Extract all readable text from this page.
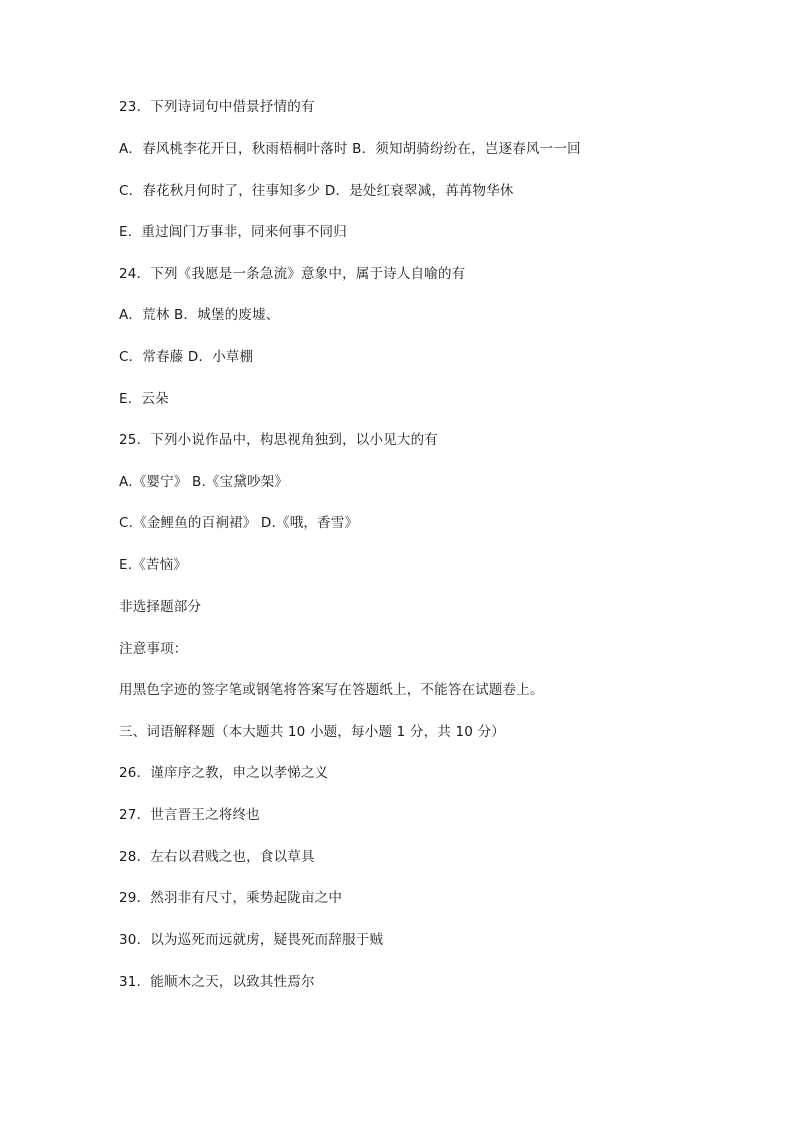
23．下列诗词句中借景抒情的有
A．春风桃李花开日，秋雨梧桐叶落时 B．须知胡骑纷纷在，岂逐春风一一回
C．春花秋月何时了，往事知多少 D．是处红衰翠减，苒苒物华休
E．重过阊门万事非，同来何事不同归
24．下列《我愿是一条急流》意象中，属于诗人自喻的有
A．荒林 B．城堡的废墟、
C．常春藤 D．小草棚
E．云朵
25．下列小说作品中，构思视角独到，以小见大的有
A.《婴宁》 B.《宝黛吵架》
C.《金鲤鱼的百裥裙》 D.《哦，香雪》
E.《苦恼》
非选择题部分
注意事项：
用黑色字迹的签字笔或钢笔将答案写在答题纸上，不能答在试题卷上。
三、词语解释题（本大题共 10 小题，每小题 1 分，共 10 分）
26．谨庠序之教，申之以孝悌之义
27．世言晋王之将终也
28．左右以君贱之也，食以草具
29．然羽非有尺寸，乘势起陇亩之中
30．以为巡死而远就虏，疑畏死而辞服于贼
31．能顺木之天，以致其性焉尔
